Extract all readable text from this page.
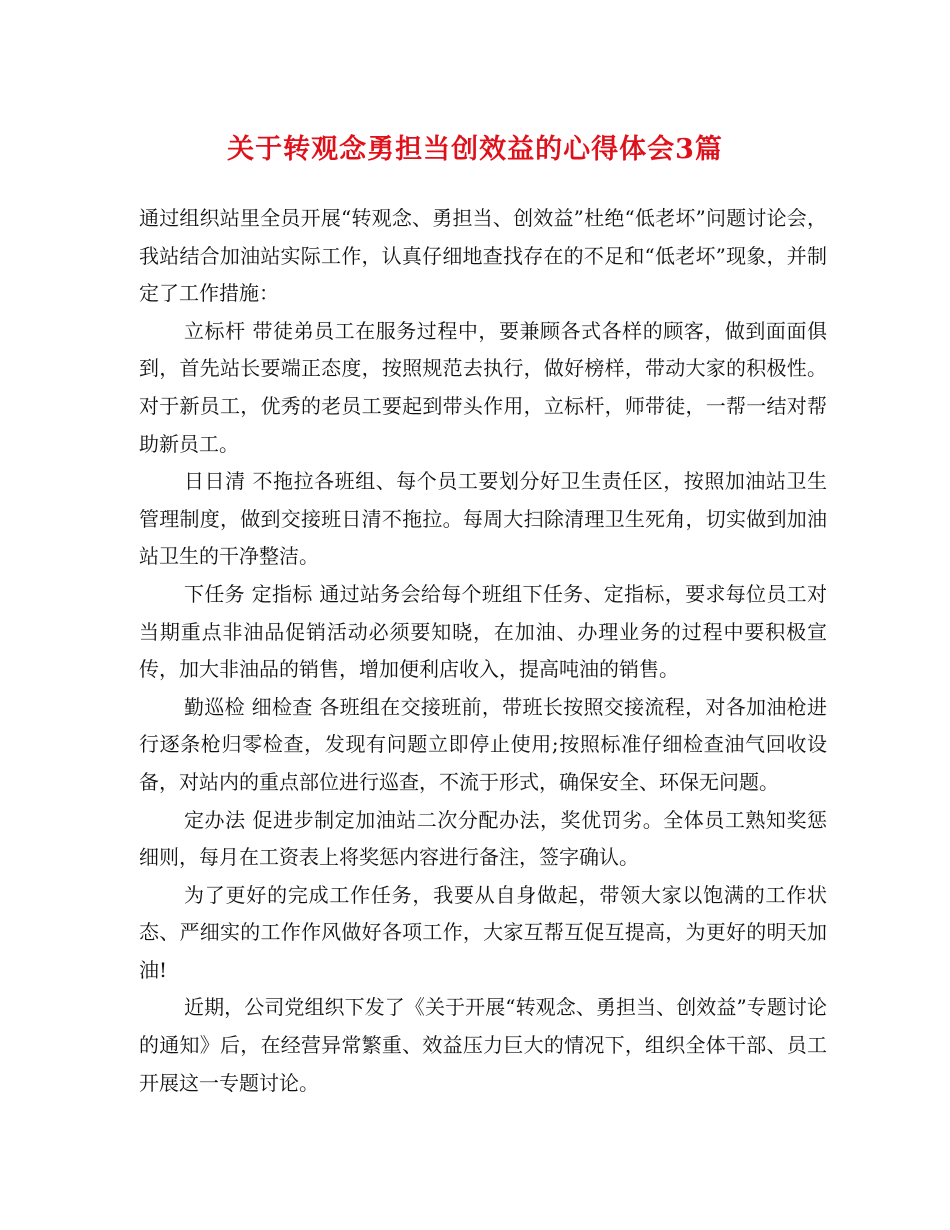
关于转观念勇担当创效益的心得体会3篇

通过组织站里全员开展“转观念、勇担当、创效益”杜绝“低老坏”问题讨论会，我站结合加油站实际工作，认真仔细地查找存在的不足和“低老坏”现象，并制定了工作措施：

立标杆 带徒弟员工在服务过程中，要兼顾各式各样的顾客，做到面面俱到，首先站长要端正态度，按照规范去执行，做好榜样，带动大家的积极性。对于新员工，优秀的老员工要起到带头作用，立标杆，师带徒，一帮一结对帮助新员工。

日日清 不拖拉各班组、每个员工要划分好卫生责任区，按照加油站卫生管理制度，做到交接班日清不拖拉。每周大扫除清理卫生死角，切实做到加油站卫生的干净整洁。

下任务 定指标 通过站务会给每个班组下任务、定指标，要求每位员工对当期重点非油品促销活动必须要知晓，在加油、办理业务的过程中要积极宣传，加大非油品的销售，增加便利店收入，提高吨油的销售。

勤巡检 细检查 各班组在交接班前，带班长按照交接流程，对各加油枪进行逐条枪归零检查，发现有问题立即停止使用;按照标准仔细检查油气回收设备，对站内的重点部位进行巡查，不流于形式，确保安全、环保无问题。

定办法 促进步制定加油站二次分配办法，奖优罚劣。全体员工熟知奖惩细则，每月在工资表上将奖惩内容进行备注，签字确认。

为了更好的完成工作任务，我要从自身做起，带领大家以饱满的工作状态、严细实的工作作风做好各项工作，大家互帮互促互提高，为更好的明天加油!

近期，公司党组织下发了《关于开展“转观念、勇担当、创效益”专题讨论的通知》后，在经营异常繁重、效益压力巨大的情况下，组织全体干部、员工开展这一专题讨论。
